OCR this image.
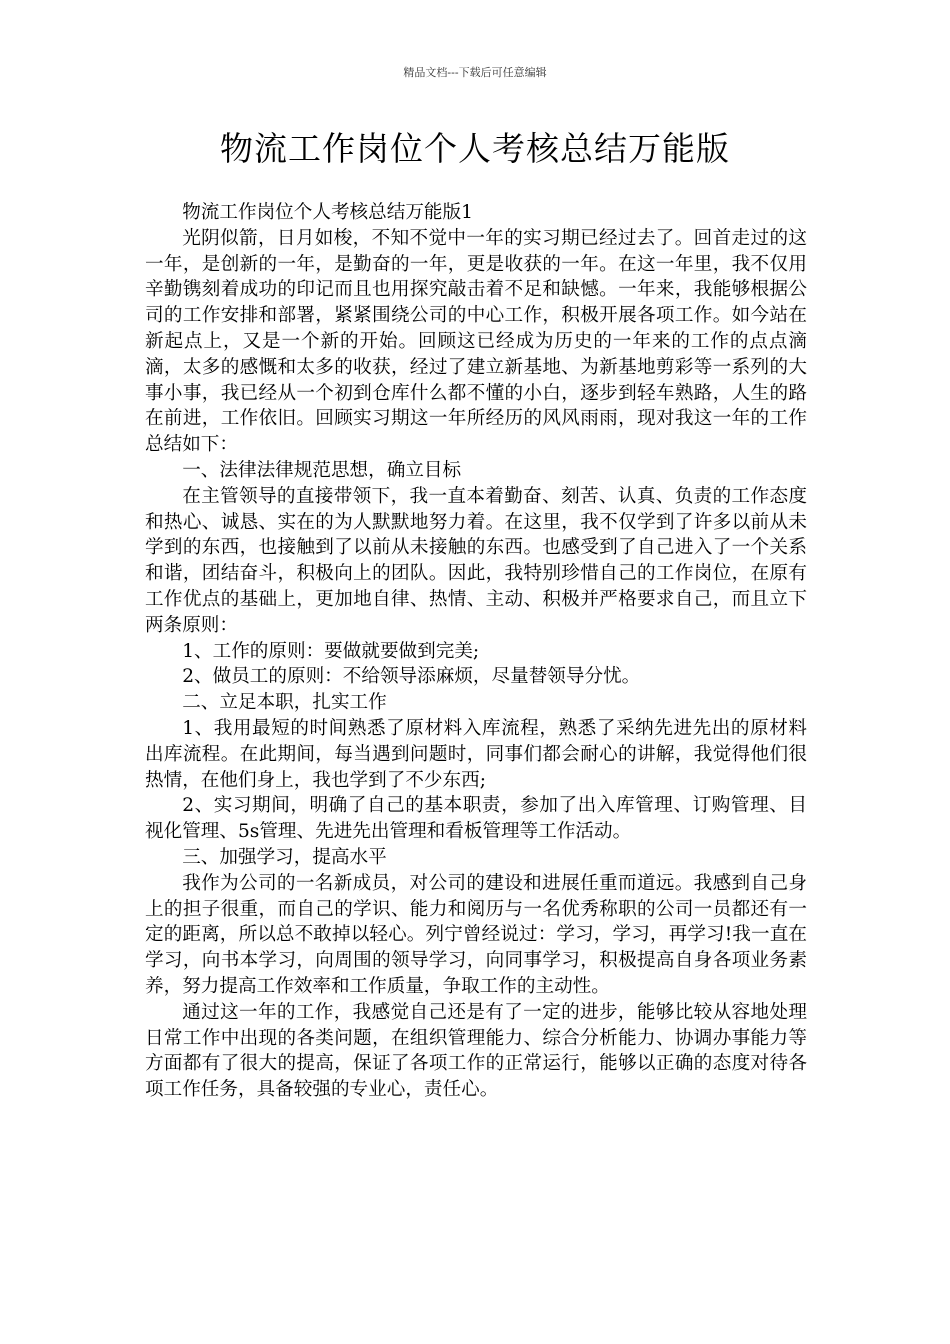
精品文档---下载后可任意编辑
物流工作岗位个人考核总结万能版

物流工作岗位个人考核总结万能版1

光阴似箭，日月如梭，不知不觉中一年的实习期已经过去了。回首走过的这一年，是创新的一年，是勤奋的一年，更是收获的一年。在这一年里，我不仅用辛勤镌刻着成功的印记而且也用探究敲击着不足和缺憾。一年来，我能够根据公司的工作安排和部署，紧紧围绕公司的中心工作，积极开展各项工作。如今站在新起点上，又是一个新的开始。回顾这已经成为历史的一年来的工作的点点滴滴，太多的感慨和太多的收获，经过了建立新基地、为新基地剪彩等一系列的大事小事，我已经从一个初到仓库什么都不懂的小白，逐步到轻车熟路，人生的路在前进，工作依旧。回顾实习期这一年所经历的风风雨雨，现对我这一年的工作总结如下：

一、法律法律规范思想，确立目标

在主管领导的直接带领下，我一直本着勤奋、刻苦、认真、负责的工作态度和热心、诚恳、实在的为人默默地努力着。在这里，我不仅学到了许多以前从未学到的东西，也接触到了以前从未接触的东西。也感受到了自己进入了一个关系和谐，团结奋斗，积极向上的团队。因此，我特别珍惜自己的工作岗位，在原有工作优点的基础上，更加地自律、热情、主动、积极并严格要求自己，而且立下两条原则：

1、工作的原则：要做就要做到完美;

2、做员工的原则：不给领导添麻烦，尽量替领导分忧。

二、立足本职，扎实工作

1、我用最短的时间熟悉了原材料入库流程，熟悉了采纳先进先出的原材料出库流程。在此期间，每当遇到问题时，同事们都会耐心的讲解，我觉得他们很热情，在他们身上，我也学到了不少东西;

2、实习期间，明确了自己的基本职责，参加了出入库管理、订购管理、目视化管理、5s管理、先进先出管理和看板管理等工作活动。

三、加强学习，提高水平

我作为公司的一名新成员，对公司的建设和进展任重而道远。我感到自己身上的担子很重，而自己的学识、能力和阅历与一名优秀称职的公司一员都还有一定的距离，所以总不敢掉以轻心。列宁曾经说过：学习，学习，再学习!我一直在学习，向书本学习，向周围的领导学习，向同事学习，积极提高自身各项业务素养，努力提高工作效率和工作质量，争取工作的主动性。

通过这一年的工作，我感觉自己还是有了一定的进步，能够比较从容地处理日常工作中出现的各类问题，在组织管理能力、综合分析能力、协调办事能力等方面都有了很大的提高，保证了各项工作的正常运行，能够以正确的态度对待各项工作任务，具备较强的专业心，责任心。
